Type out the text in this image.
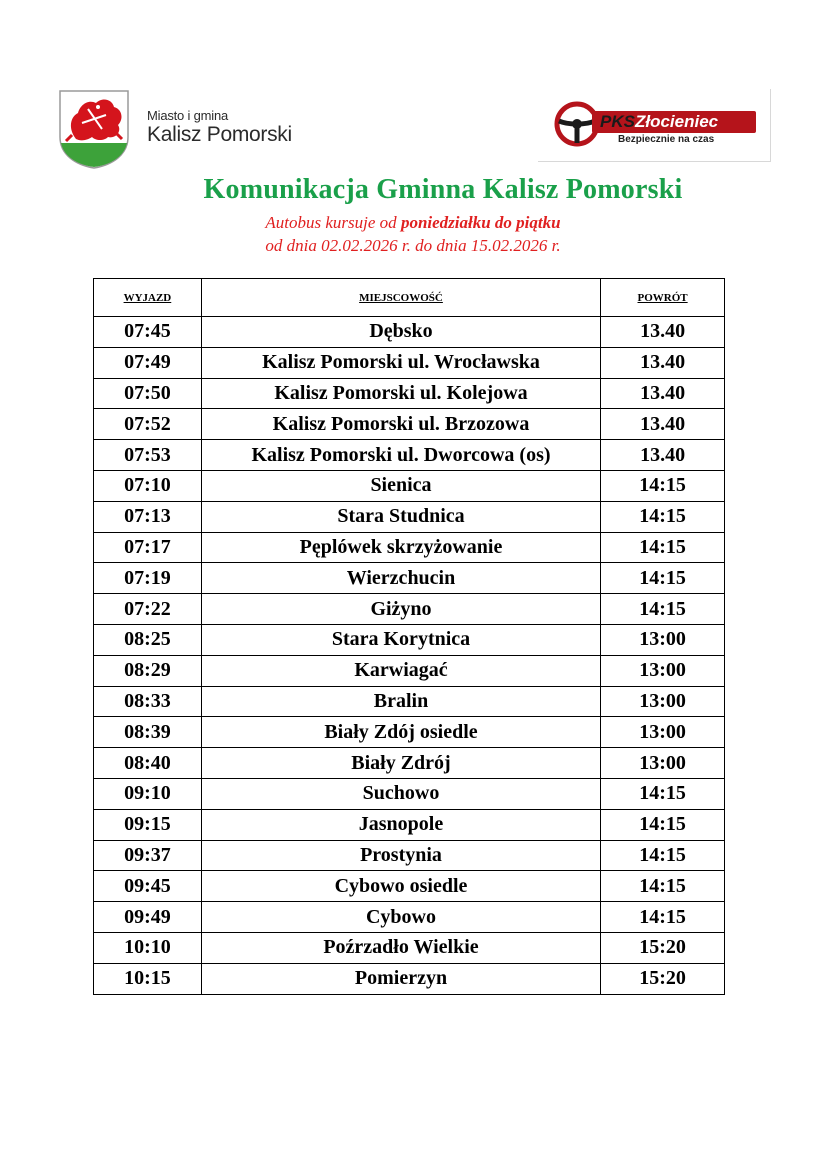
Miasto i gmina
Kalisz Pomorski
PKSZłocieniec
Bezpiecznie na czas
Komunikacja Gminna Kalisz Pomorski
Autobus kursuje od poniedziałku do piątku
od dnia 02.02.2026 r. do dnia 15.02.2026 r.
WYJAZD	MIEJSCOWOŚĆ	POWRÓT
07:45	Dębsko	13.40
07:49	Kalisz Pomorski ul. Wrocławska	13.40
07:50	Kalisz Pomorski ul. Kolejowa	13.40
07:52	Kalisz Pomorski ul. Brzozowa	13.40
07:53	Kalisz Pomorski ul. Dworcowa (os)	13.40
07:10	Sienica	14:15
07:13	Stara Studnica	14:15
07:17	Pęplówek skrzyżowanie	14:15
07:19	Wierzchucin	14:15
07:22	Giżyno	14:15
08:25	Stara Korytnica	13:00
08:29	Karwiagać	13:00
08:33	Bralin	13:00
08:39	Biały Zdój osiedle	13:00
08:40	Biały Zdrój	13:00
09:10	Suchowo	14:15
09:15	Jasnopole	14:15
09:37	Prostynia	14:15
09:45	Cybowo osiedle	14:15
09:49	Cybowo	14:15
10:10	Poźrzadło Wielkie	15:20
10:15	Pomierzyn	15:20
